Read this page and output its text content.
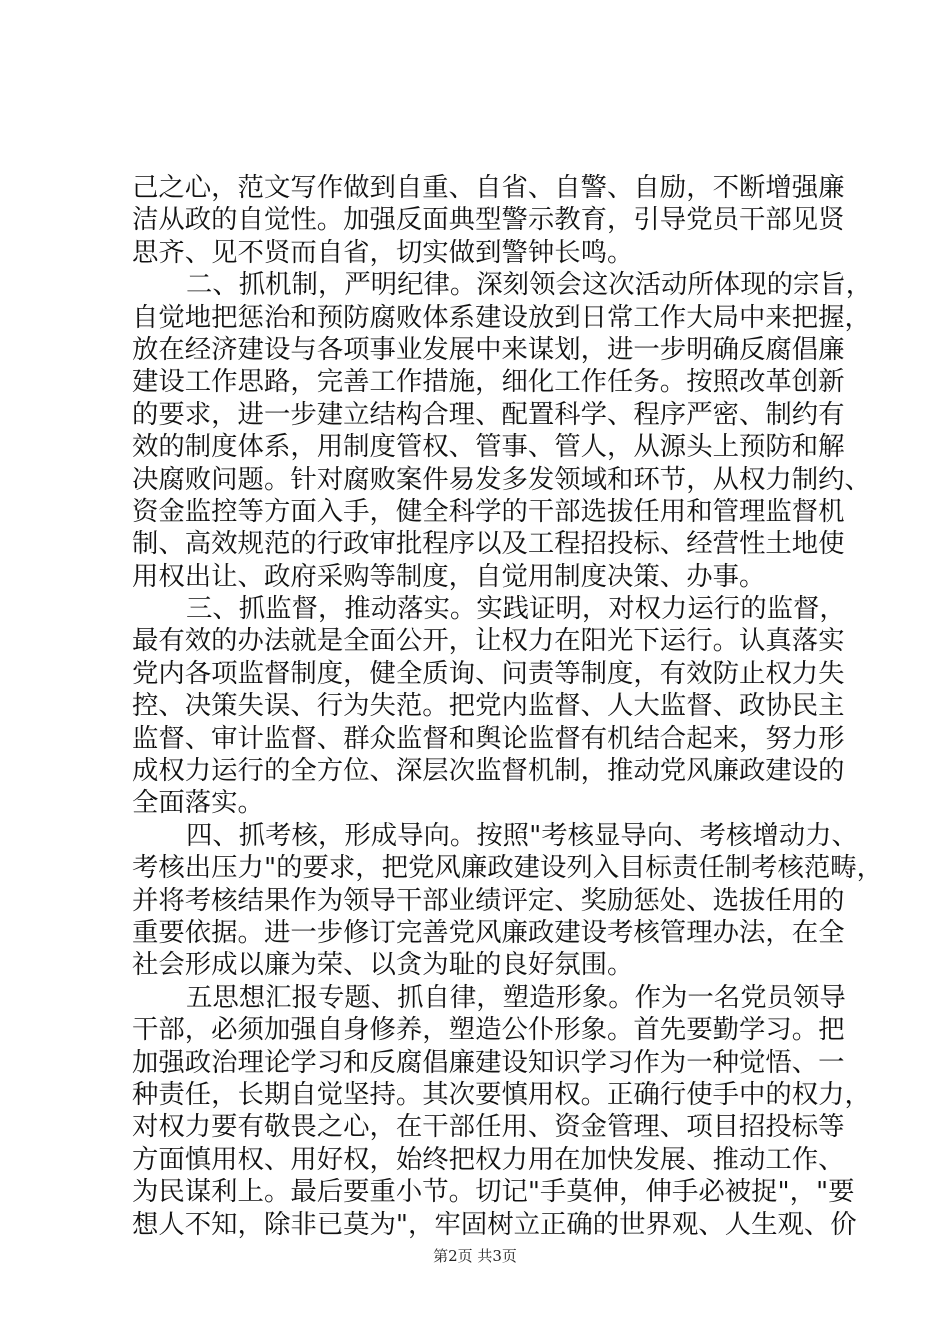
己之心，范文写作做到自重、自省、自警、自励，不断增强廉
洁从政的自觉性。加强反面典型警示教育，引导党员干部见贤
思齐、见不贤而自省，切实做到警钟长鸣。
二、抓机制，严明纪律。深刻领会这次活动所体现的宗旨，
自觉地把惩治和预防腐败体系建设放到日常工作大局中来把握，
放在经济建设与各项事业发展中来谋划，进一步明确反腐倡廉
建设工作思路，完善工作措施，细化工作任务。按照改革创新
的要求，进一步建立结构合理、配置科学、程序严密、制约有
效的制度体系，用制度管权、管事、管人，从源头上预防和解
决腐败问题。针对腐败案件易发多发领域和环节，从权力制约、
资金监控等方面入手，健全科学的干部选拔任用和管理监督机
制、高效规范的行政审批程序以及工程招投标、经营性土地使
用权出让、政府采购等制度，自觉用制度决策、办事。
三、抓监督，推动落实。实践证明，对权力运行的监督，
最有效的办法就是全面公开，让权力在阳光下运行。认真落实
党内各项监督制度，健全质询、问责等制度，有效防止权力失
控、决策失误、行为失范。把党内监督、人大监督、政协民主
监督、审计监督、群众监督和舆论监督有机结合起来，努力形
成权力运行的全方位、深层次监督机制，推动党风廉政建设的
全面落实。
四、抓考核，形成导向。按照"考核显导向、考核增动力、
考核出压力"的要求，把党风廉政建设列入目标责任制考核范畴，
并将考核结果作为领导干部业绩评定、奖励惩处、选拔任用的
重要依据。进一步修订完善党风廉政建设考核管理办法，在全
社会形成以廉为荣、以贪为耻的良好氛围。
五思想汇报专题、抓自律，塑造形象。作为一名党员领导
干部，必须加强自身修养，塑造公仆形象。首先要勤学习。把
加强政治理论学习和反腐倡廉建设知识学习作为一种觉悟、一
种责任，长期自觉坚持。其次要慎用权。正确行使手中的权力，
对权力要有敬畏之心，在干部任用、资金管理、项目招投标等
方面慎用权、用好权，始终把权力用在加快发展、推动工作、
为民谋利上。最后要重小节。切记"手莫伸，伸手必被捉"，"要
想人不知，除非已莫为"，牢固树立正确的世界观、人生观、价
第2页 共3页
